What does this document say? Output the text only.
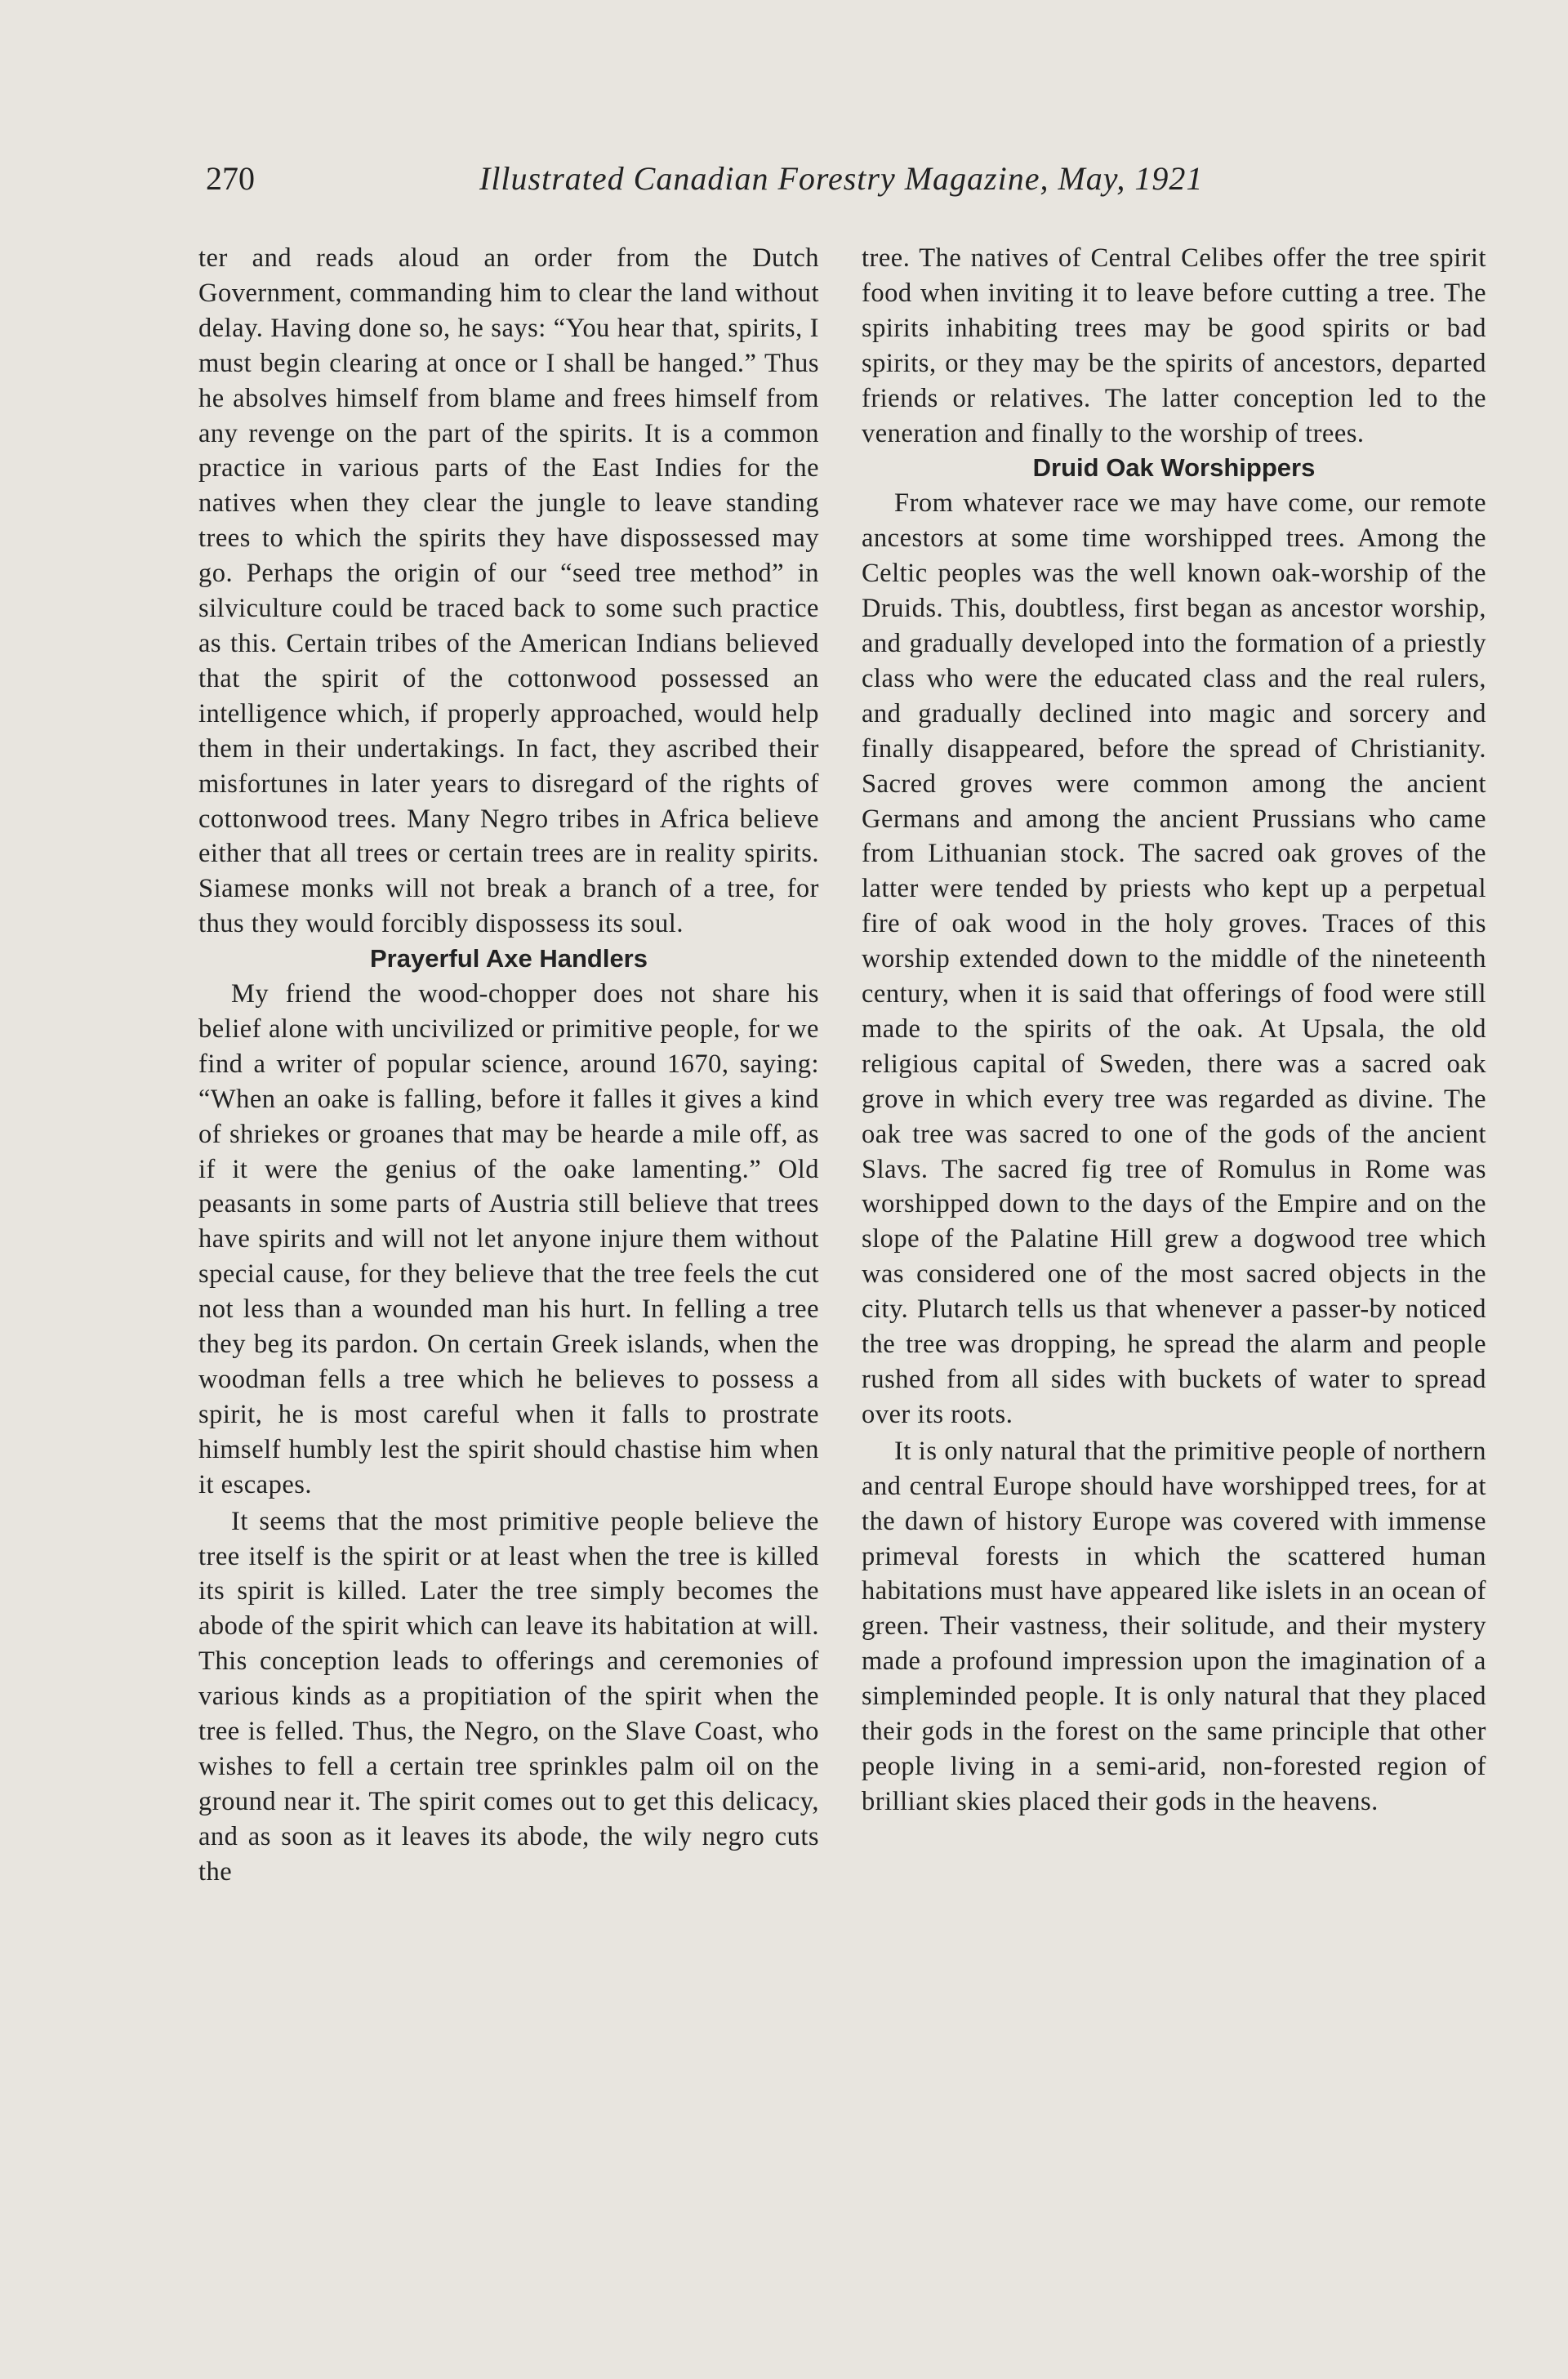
270	Illustrated Canadian Forestry Magazine, May, 1921

ter and reads aloud an order from the Dutch Government, commanding him to clear the land without delay. Having done so, he says: “You hear that, spirits, I must begin clearing at once or I shall be hanged.” Thus he absolves himself from blame and frees himself from any revenge on the part of the spirits. It is a common practice in various parts of the East Indies for the natives when they clear the jungle to leave standing trees to which the spirits they have dispossessed may go. Perhaps the origin of our “seed tree method” in silviculture could be traced back to some such practice as this. Certain tribes of the American Indians believed that the spirit of the cottonwood possessed an intelligence which, if properly approached, would help them in their undertakings. In fact, they ascribed their misfortunes in later years to disregard of the rights of cottonwood trees. Many Negro tribes in Africa believe either that all trees or certain trees are in reality spirits. Siamese monks will not break a branch of a tree, for thus they would forcibly dispossess its soul.

Prayerful Axe Handlers

My friend the wood-chopper does not share his belief alone with uncivilized or primitive people, for we find a writer of popular science, around 1670, saying: “When an oake is falling, before it falles it gives a kind of shriekes or groanes that may be hearde a mile off, as if it were the genius of the oake lamenting.” Old peasants in some parts of Austria still believe that trees have spirits and will not let anyone injure them without special cause, for they believe that the tree feels the cut not less than a wounded man his hurt. In felling a tree they beg its pardon. On certain Greek islands, when the woodman fells a tree which he believes to possess a spirit, he is most careful when it falls to prostrate himself humbly lest the spirit should chastise him when it escapes.

It seems that the most primitive people believe the tree itself is the spirit or at least when the tree is killed its spirit is killed. Later the tree simply becomes the abode of the spirit which can leave its habitation at will. This conception leads to offerings and ceremonies of various kinds as a propitiation of the spirit when the tree is felled. Thus, the Negro, on the Slave Coast, who wishes to fell a certain tree sprinkles palm oil on the ground near it. The spirit comes out to get this delicacy, and as soon as it leaves its abode, the wily negro cuts the

tree. The natives of Central Celibes offer the tree spirit food when inviting it to leave before cutting a tree. The spirits inhabiting trees may be good spirits or bad spirits, or they may be the spirits of ancestors, departed friends or relatives. The latter conception led to the veneration and finally to the worship of trees.

Druid Oak Worshippers

From whatever race we may have come, our remote ancestors at some time worshipped trees. Among the Celtic peoples was the well known oak-worship of the Druids. This, doubtless, first began as ancestor worship, and gradually developed into the formation of a priestly class who were the educated class and the real rulers, and gradually declined into magic and sorcery and finally disappeared, before the spread of Christianity. Sacred groves were common among the ancient Germans and among the ancient Prussians who came from Lithuanian stock. The sacred oak groves of the latter were tended by priests who kept up a perpetual fire of oak wood in the holy groves. Traces of this worship extended down to the middle of the nineteenth century, when it is said that offerings of food were still made to the spirits of the oak. At Upsala, the old religious capital of Sweden, there was a sacred oak grove in which every tree was regarded as divine. The oak tree was sacred to one of the gods of the ancient Slavs. The sacred fig tree of Romulus in Rome was worshipped down to the days of the Empire and on the slope of the Palatine Hill grew a dogwood tree which was considered one of the most sacred objects in the city. Plutarch tells us that whenever a passer-by noticed the tree was dropping, he spread the alarm and people rushed from all sides with buckets of water to spread over its roots.

It is only natural that the primitive people of northern and central Europe should have worshipped trees, for at the dawn of history Europe was covered with immense primeval forests in which the scattered human habitations must have appeared like islets in an ocean of green. Their vastness, their solitude, and their mystery made a profound impression upon the imagination of a simpleminded people. It is only natural that they placed their gods in the forest on the same principle that other people living in a semi-arid, non-forested region of brilliant skies placed their gods in the heavens.
